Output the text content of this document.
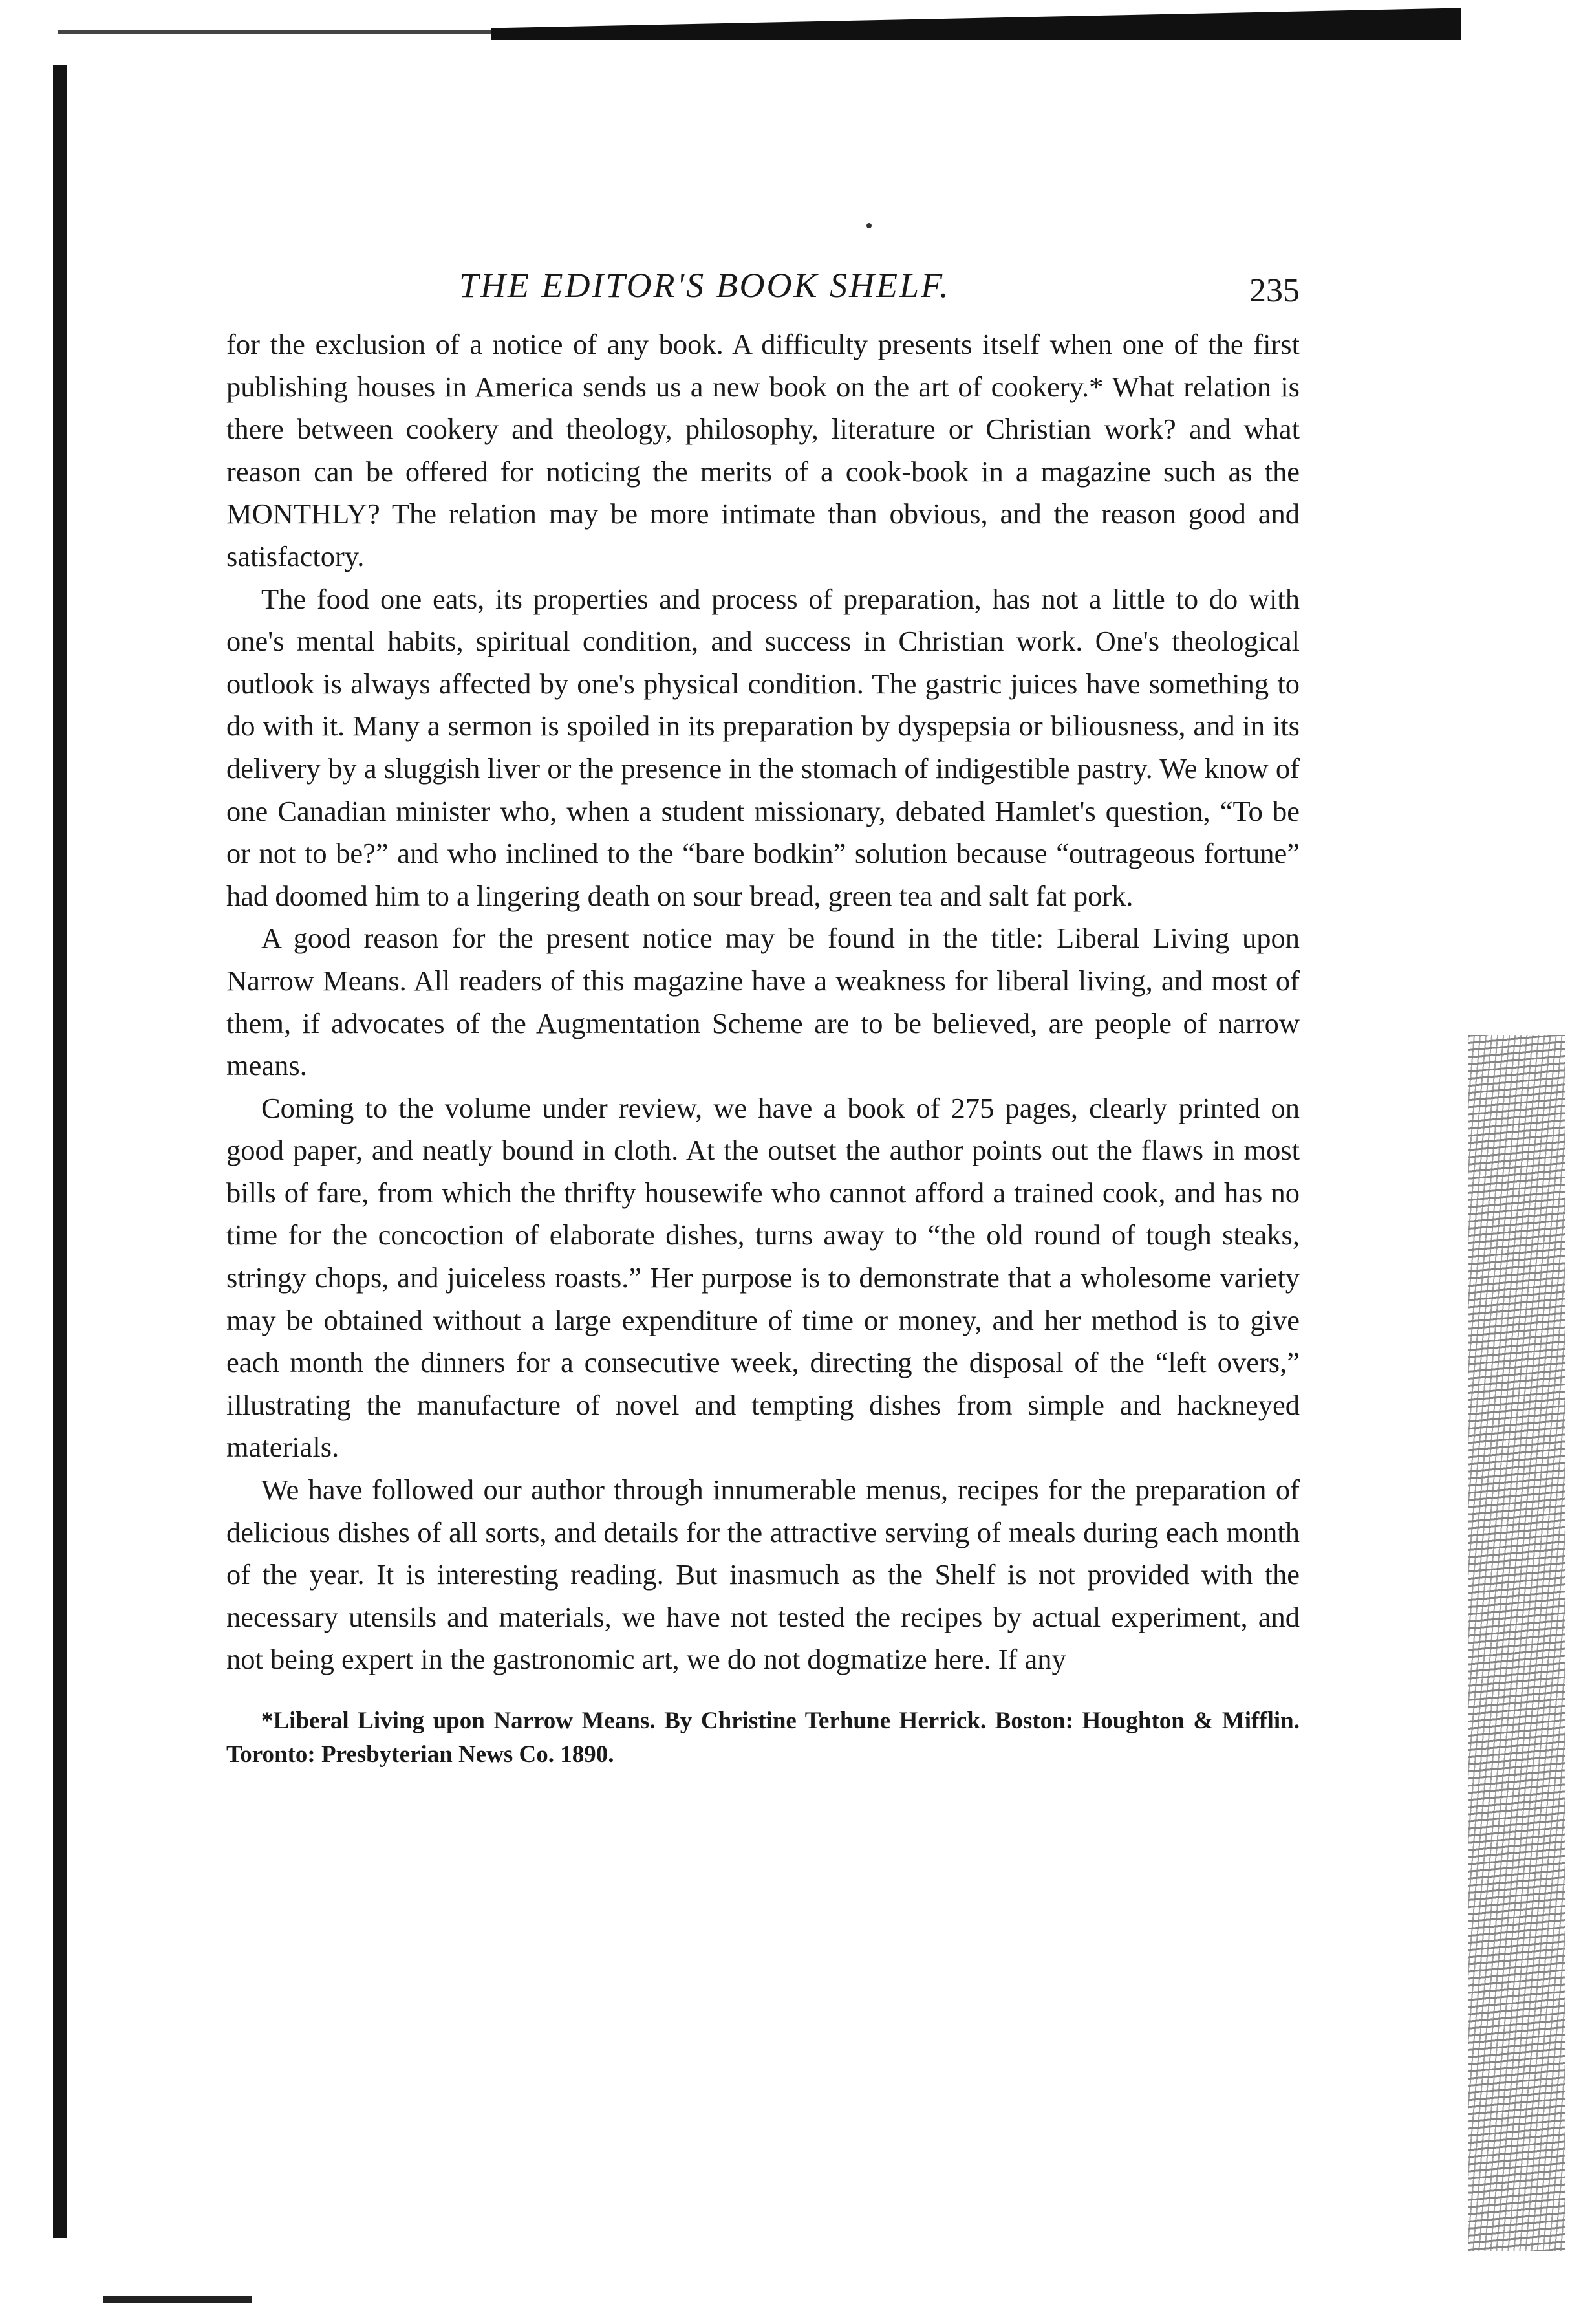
THE EDITOR'S BOOK SHELF.	235

for the exclusion of a notice of any book. A difficulty presents itself when one of the first publishing houses in America sends us a new book on the art of cookery.* What relation is there between cookery and theology, philosophy, literature or Christian work? and what reason can be offered for noticing the merits of a cook-book in a magazine such as the MONTHLY? The relation may be more intimate than obvious, and the reason good and satisfactory.

The food one eats, its properties and process of preparation, has not a little to do with one's mental habits, spiritual condition, and success in Christian work. One's theological outlook is always affected by one's physical condition. The gastric juices have something to do with it. Many a sermon is spoiled in its preparation by dyspepsia or biliousness, and in its delivery by a sluggish liver or the presence in the stomach of indigestible pastry. We know of one Canadian minister who, when a student missionary, debated Hamlet's question, “To be or not to be?” and who inclined to the “bare bodkin” solution because “outrageous fortune” had doomed him to a lingering death on sour bread, green tea and salt fat pork.

A good reason for the present notice may be found in the title: Liberal Living upon Narrow Means. All readers of this magazine have a weakness for liberal living, and most of them, if advocates of the Augmentation Scheme are to be believed, are people of narrow means.

Coming to the volume under review, we have a book of 275 pages, clearly printed on good paper, and neatly bound in cloth. At the outset the author points out the flaws in most bills of fare, from which the thrifty housewife who cannot afford a trained cook, and has no time for the concoction of elaborate dishes, turns away to “the old round of tough steaks, stringy chops, and juiceless roasts.” Her purpose is to demonstrate that a wholesome variety may be obtained without a large expenditure of time or money, and her method is to give each month the dinners for a consecutive week, directing the disposal of the “left overs,” illustrating the manufacture of novel and tempting dishes from simple and hackneyed materials.

We have followed our author through innumerable menus, recipes for the preparation of delicious dishes of all sorts, and details for the attractive serving of meals during each month of the year. It is interesting reading. But inasmuch as the Shelf is not provided with the necessary utensils and materials, we have not tested the recipes by actual experiment, and not being expert in the gastronomic art, we do not dogmatize here. If any

*Liberal Living upon Narrow Means. By Christine Terhune Herrick. Boston: Houghton & Mifflin. Toronto: Presbyterian News Co. 1890.
